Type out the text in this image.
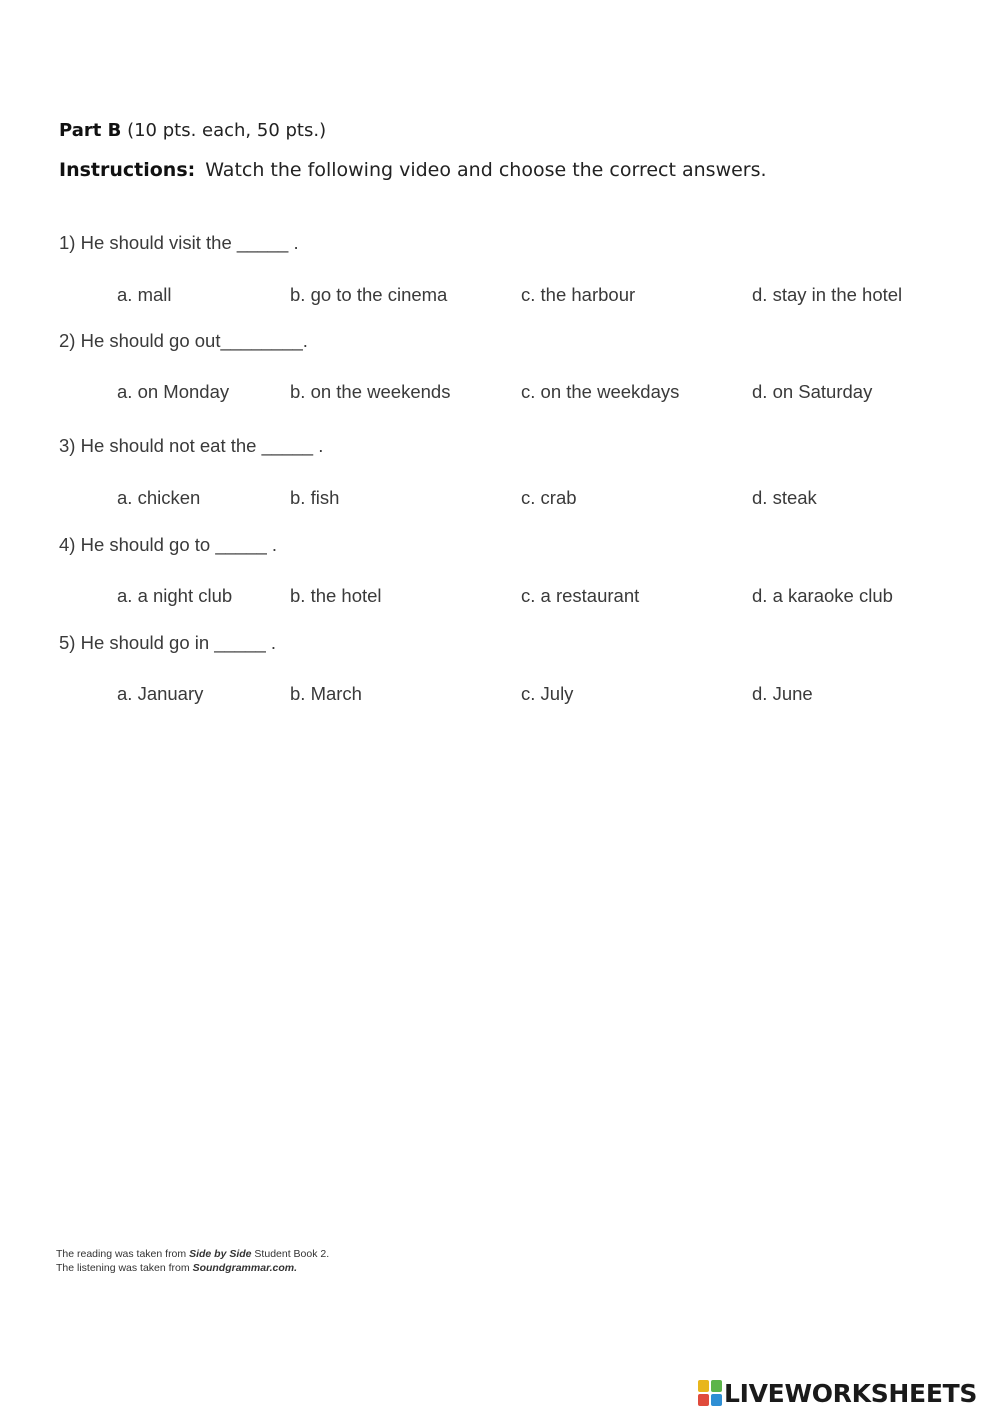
Part B (10 pts. each, 50 pts.)
Instructions: Watch the following video and choose the correct answers.
1) He should visit the _____ .
a. mall	b. go to the cinema	c. the harbour	d. stay in the hotel
2) He should go out________.
a. on Monday	b. on the weekends	c. on the weekdays	d. on Saturday
3) He should not eat the _____ .
a. chicken	b. fish	c. crab	d. steak
4) He should go to _____ .
a. a night club	b. the hotel	c. a restaurant	d. a karaoke club
5) He should go in _____ .
a. January	b. March	c. July	d. June
The reading was taken from Side by Side Student Book 2.
The listening was taken from Soundgrammar.com.
LIVEWORKSHEETS
